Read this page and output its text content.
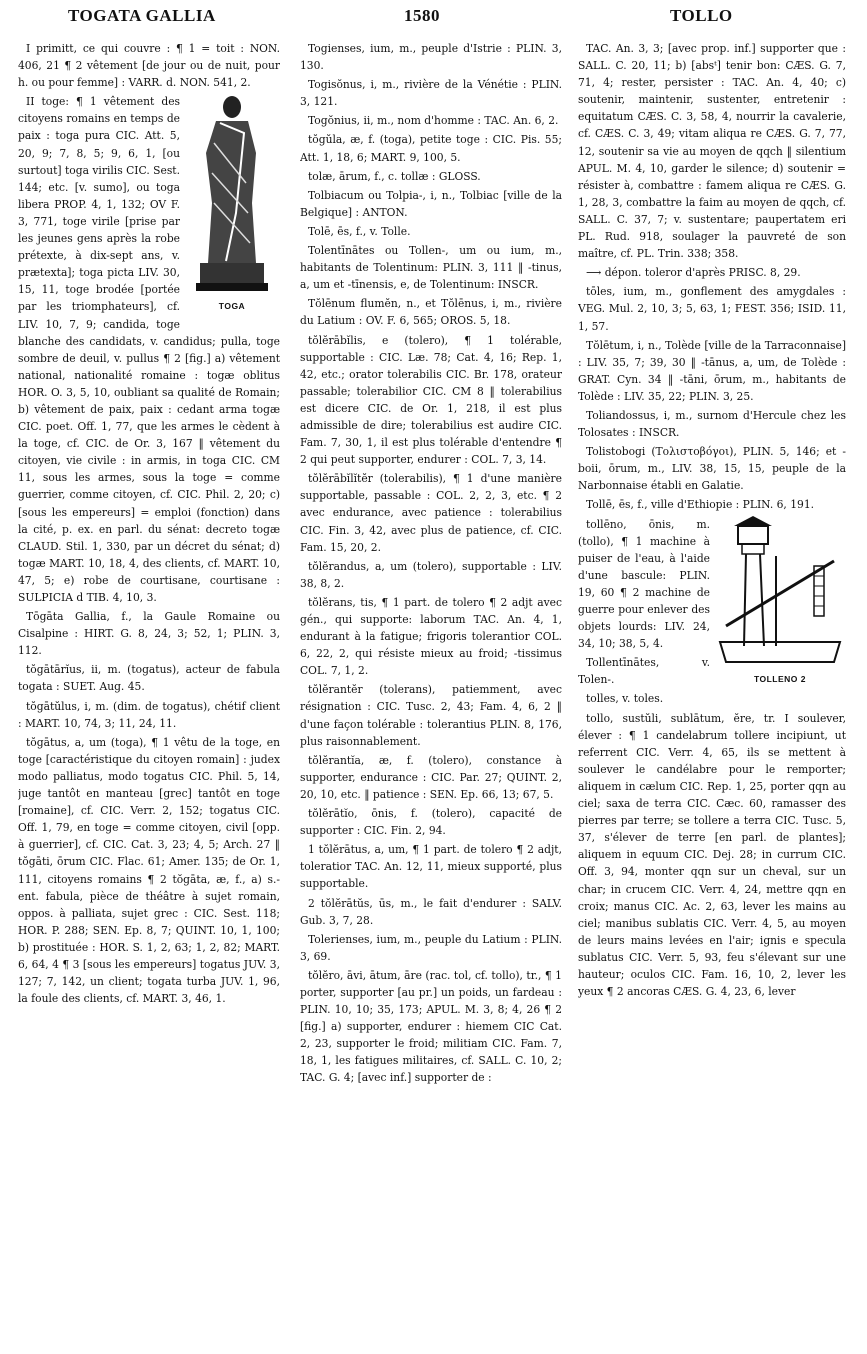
TOGATA GALLIA	1580	TOLLO

I primitt, ce qui couvre : ¶ 1 = toit : NON. 406, 21 ¶ 2 vêtement [de jour ou de nuit, pour h. ou pour femme] : VARR. d. NON. 541, 2.

TOGA

II toge: ¶ 1 vêtement des citoyens romains en temps de paix : toga pura CIC. Att. 5, 20, 9; 7, 8, 5; 9, 6, 1, [ou surtout] toga virilis CIC. Sest. 144; etc. [v. sumo], ou toga libera PROP. 4, 1, 132; OV F. 3, 771, toge virile [prise par les jeunes gens après la robe prétexte, à dix-sept ans, v. prætexta]; toga picta LIV. 30, 15, 11, toge brodée [portée par les triomphateurs], cf. LIV. 10, 7, 9; candida, toge blanche des candidats, v. candidus; pulla, toge sombre de deuil, v. pullus ¶ 2 [fig.] a) vêtement national, nationalité romaine : togæ oblitus HOR. O. 3, 5, 10, oubliant sa qualité de Romain; b) vêtement de paix, paix : cedant arma togæ CIC. poet. Off. 1, 77, que les armes le cèdent à la toge, cf. CIC. de Or. 3, 167 ‖ vêtement du citoyen, vie civile : in armis, in toga CIC. CM 11, sous les armes, sous la toge = comme guerrier, comme citoyen, cf. CIC. Phil. 2, 20; c) [sous les empereurs] = emploi (fonction) dans la cité, p. ex. en parl. du sénat: decreto togæ CLAUD. Stil. 1, 330, par un décret du sénat; d) togæ MART. 10, 18, 4, des clients, cf. MART. 10, 47, 5; e) robe de courtisane, courtisane : SULPICIA d TIB. 4, 10, 3.

Tōgāta Gallia, f., la Gaule Romaine ou Cisalpine : HIRT. G. 8, 24, 3; 52, 1; PLIN. 3, 112.

tŏgātārĭus, ii, m. (togatus), acteur de fabula togata : SUET. Aug. 45.

tŏgātŭlus, i, m. (dim. de togatus), chétif client : MART. 10, 74, 3; 11, 24, 11.

tŏgātus, a, um (toga), ¶ 1 vêtu de la toge, en toge [caractéristique du citoyen romain] : judex modo palliatus, modo togatus CIC. Phil. 5, 14, juge tantôt en manteau [grec] tantôt en toge [romaine], cf. CIC. Verr. 2, 152; togatus CIC. Off. 1, 79, en toge = comme citoyen, civil [opp. à guerrier], cf. CIC. Cat. 3, 23; 4, 5; Arch. 27 ‖ tŏgāti, ōrum CIC. Flac. 61; Amer. 135; de Or. 1, 111, citoyens romains ¶ 2 tŏgāta, æ, f., a) s.-ent. fabula, pièce de théâtre à sujet romain, oppos. à palliata, sujet grec : CIC. Sest. 118; HOR. P. 288; SEN. Ep. 8, 7; QUINT. 10, 1, 100; b) prostituée : HOR. S. 1, 2, 63; 1, 2, 82; MART. 6, 64, 4 ¶ 3 [sous les empereurs] togatus JUV. 3, 127; 7, 142, un client; togata turba JUV. 1, 96, la foule des clients, cf. MART. 3, 46, 1.

Togienses, ium, m., peuple d'Istrie : PLIN. 3, 130.

Togisŏnus, i, m., rivière de la Vénétie : PLIN. 3, 121.

Togŏnius, ii, m., nom d'homme : TAC. An. 6, 2.

tŏgŭla, æ, f. (toga), petite toge : CIC. Pis. 55; Att. 1, 18, 6; MART. 9, 100, 5.

tolæ, ārum, f., c. tollæ : GLOSS.

Tolbiacum ou Tolpia-, i, n., Tolbiac [ville de la Belgique] : ANTON.

Tolē, ēs, f., v. Tolle.

Tolentīnātes ou Tollen-, um ou ium, m., habitants de Tolentinum: PLIN. 3, 111 ‖ -tinus, a, um et -tīnensis, e, de Tolentinum: INSCR.

Tŏlēnum flumĕn, n., et Tŏlēnus, i, m., rivière du Latium : OV. F. 6, 565; OROS. 5, 18.

tŏlĕrābĭlis, e (tolero), ¶ 1 tolérable, supportable : CIC. Læ. 78; Cat. 4, 16; Rep. 1, 42, etc.; orator tolerabilis CIC. Br. 178, orateur passable; tolerabilior CIC. CM 8 ‖ tolerabilius est dicere CIC. de Or. 1, 218, il est plus admissible de dire; tolerabilius est audire CIC. Fam. 7, 30, 1, il est plus tolérable d'entendre ¶ 2 qui peut supporter, endurer : COL. 7, 3, 14.

tŏlĕrābĭlĭtĕr (tolerabilis), ¶ 1 d'une manière supportable, passable : COL. 2, 2, 3, etc. ¶ 2 avec endurance, avec patience : tolerabilius CIC. Fin. 3, 42, avec plus de patience, cf. CIC. Fam. 15, 20, 2.

tŏlĕrandus, a, um (tolero), supportable : LIV. 38, 8, 2.

tŏlĕrans, tis, ¶ 1 part. de tolero ¶ 2 adjt avec gén., qui supporte: laborum TAC. An. 4, 1, endurant à la fatigue; frigoris tolerantior COL. 6, 22, 2, qui résiste mieux au froid; -tissimus COL. 7, 1, 2.

tŏlĕrantĕr (tolerans), patiemment, avec résignation : CIC. Tusc. 2, 43; Fam. 4, 6, 2 ‖ d'une façon tolérable : tolerantius PLIN. 8, 176, plus raisonnablement.

tŏlĕrantĭa, æ, f. (tolero), constance à supporter, endurance : CIC. Par. 27; QUINT. 2, 20, 10, etc. ‖ patience : SEN. Ep. 66, 13; 67, 5.

tŏlĕrātĭo, ōnis, f. (tolero), capacité de supporter : CIC. Fin. 2, 94.

1 tŏlĕrātus, a, um, ¶ 1 part. de tolero ¶ 2 adjt, toleratior TAC. An. 12, 11, mieux supporté, plus supportable.

2 tŏlĕrātŭs, ūs, m., le fait d'endurer : SALV. Gub. 3, 7, 28.

Tolerienses, ium, m., peuple du Latium : PLIN. 3, 69.

tŏlĕro, āvi, ātum, āre (rac. tol, cf. tollo), tr., ¶ 1 porter, supporter [au pr.] un poids, un fardeau : PLIN. 10, 10; 35, 173; APUL. M. 3, 8; 4, 26 ¶ 2 [fig.] a) supporter, endurer : hiemem CIC Cat. 2, 23, supporter le froid; militiam CIC. Fam. 7, 18, 1, les fatigues militaires, cf. SALL. C. 10, 2; TAC. G. 4; [avec inf.] supporter de :

TAC. An. 3, 3; [avec prop. inf.] supporter que : SALL. C. 20, 11; b) [absᵗ] tenir bon: CÆS. G. 7, 71, 4; rester, persister : TAC. An. 4, 40; c) soutenir, maintenir, sustenter, entretenir : equitatum CÆS. C. 3, 58, 4, nourrir la cavalerie, cf. CÆS. C. 3, 49; vitam aliqua re CÆS. G. 7, 77, 12, soutenir sa vie au moyen de qqch ‖ silentium APUL. M. 4, 10, garder le silence; d) soutenir = résister à, combattre : famem aliqua re CÆS. G. 1, 28, 3, combattre la faim au moyen de qqch, cf. SALL. C. 37, 7; v. sustentare; paupertatem eri PL. Rud. 918, soulager la pauvreté de son maître, cf. PL. Trin. 338; 358.

⟶ dépon. toleror d'après PRISC. 8, 29.

tōles, ium, m., gonflement des amygdales : VEG. Mul. 2, 10, 3; 5, 63, 1; FEST. 356; ISID. 11, 1, 57.

Tŏlētum, i, n., Tolède [ville de la Tarraconnaise] : LIV. 35, 7; 39, 30 ‖ -tānus, a, um, de Tolède : GRAT. Cyn. 34 ‖ -tāni, ōrum, m., habitants de Tolède : LIV. 35, 22; PLIN. 3, 25.

Toliandossus, i, m., surnom d'Hercule chez les Tolosates : INSCR.

Tolistobogi (Τολιστοβόγοι), PLIN. 5, 146; et -boii, ōrum, m., LIV. 38, 15, 15, peuple de la Narbonnaise établi en Galatie.

Tollē, ēs, f., ville d'Ethiopie : PLIN. 6, 191.

TOLLENO 2

tollēno, ōnis, m. (tollo), ¶ 1 machine à puiser de l'eau, à l'aide d'une bascule: PLIN. 19, 60 ¶ 2 machine de guerre pour enlever des objets lourds: LIV. 24, 34, 10; 38, 5, 4.

Tollentīnātes, v. Tolen-.

tolles, v. toles.

tollo, sustŭli, sublātum, ĕre, tr. I soulever, élever : ¶ 1 candelabrum tollere incipiunt, ut referrent CIC. Verr. 4, 65, ils se mettent à soulever le candélabre pour le remporter; aliquem in cælum CIC. Rep. 1, 25, porter qqn au ciel; saxa de terra CIC. Cæc. 60, ramasser des pierres par terre; se tollere a terra CIC. Tusc. 5, 37, s'élever de terre [en parl. de plantes]; aliquem in equum CIC. Dej. 28; in currum CIC. Off. 3, 94, monter qqn sur un cheval, sur un char; in crucem CIC. Verr. 4, 24, mettre qqn en croix; manus CIC. Ac. 2, 63, lever les mains au ciel; manibus sublatis CIC. Verr. 4, 5, au moyen de leurs mains levées en l'air; ignis e specula sublatus CIC. Verr. 5, 93, feu s'élevant sur une hauteur; oculos CIC. Fam. 16, 10, 2, lever les yeux ¶ 2 ancoras CÆS. G. 4, 23, 6, lever
